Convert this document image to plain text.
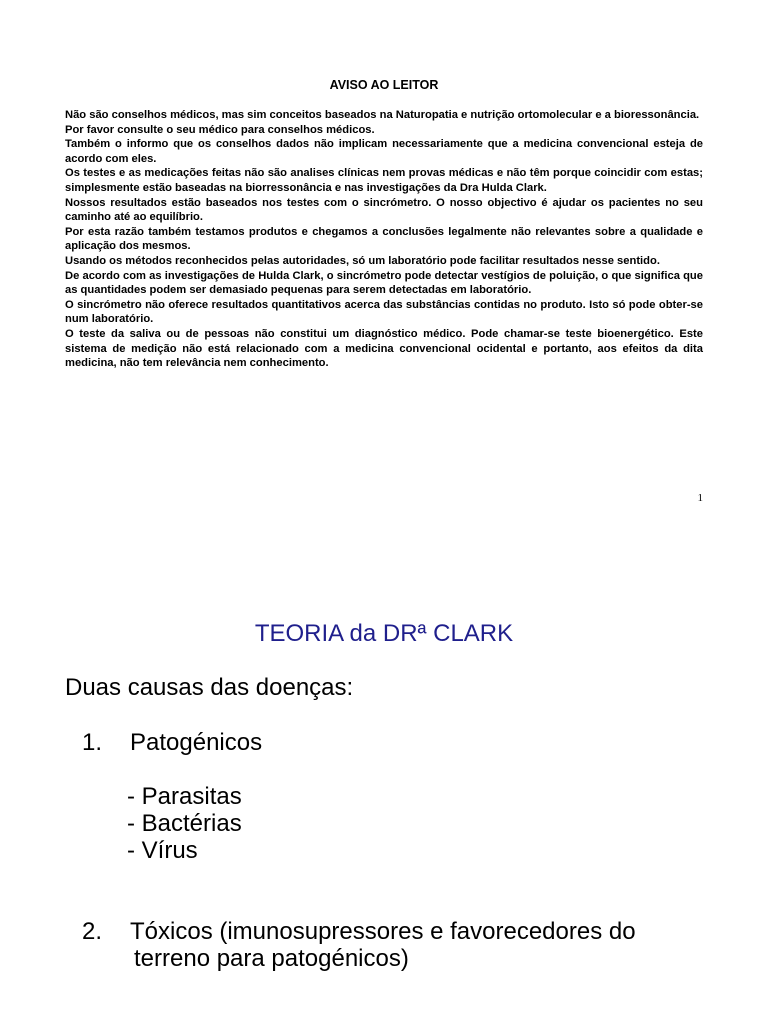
AVISO AO LEITOR

Não são conselhos médicos, mas sim conceitos baseados na Naturopatia e nutrição ortomolecular e a bioressonância.

Por favor consulte o seu médico para conselhos médicos.

Também o informo que os conselhos dados não implicam necessariamente que a medicina convencional esteja de acordo com eles.

Os testes e as medicações feitas não são analises clínicas nem provas médicas e não têm porque coincidir com estas; simplesmente estão baseadas na biorressonância e nas investigações da Dra Hulda Clark.

Nossos resultados estão baseados nos testes com o sincrómetro. O nosso objectivo é ajudar os pacientes no seu caminho até ao equilíbrio.

Por esta razão também testamos produtos e chegamos a conclusões legalmente não relevantes sobre a qualidade e aplicação dos mesmos.

Usando os métodos reconhecidos pelas autoridades, só um laboratório pode facilitar resultados nesse sentido.

De acordo com as investigações de Hulda Clark, o sincrómetro pode detectar vestígios de poluição, o que significa que as quantidades podem ser demasiado pequenas para serem detectadas em laboratório.

O sincrómetro não oferece resultados quantitativos acerca das substâncias contidas no produto. Isto só pode obter-se num laboratório.

O teste da saliva ou de pessoas não constitui um diagnóstico médico. Pode chamar-se teste bioenergético. Este sistema de medição não está relacionado com a medicina convencional ocidental e portanto, aos efeitos da dita medicina, não tem relevância nem conhecimento.

1
TEORIA da DRª CLARK
Duas causas das doenças:
1. Patogénicos
- Parasitas
- Bactérias
- Vírus
2. Tóxicos (imunosupressores e favorecedores do
terreno para patogénicos)
